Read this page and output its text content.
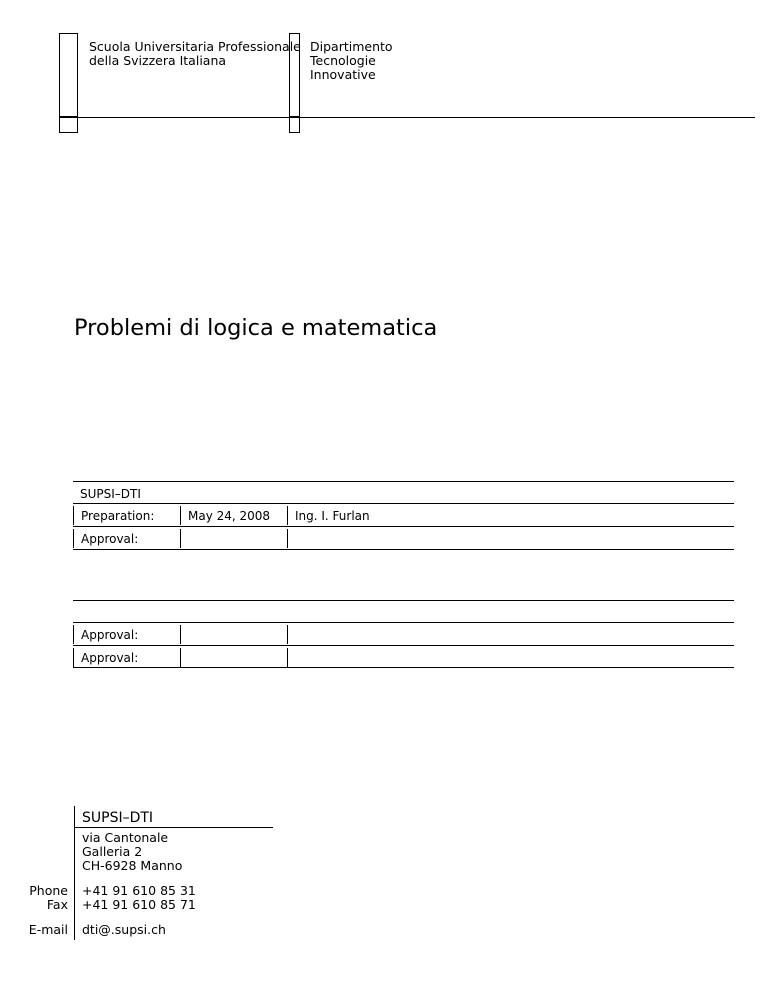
Scuola Universitaria Professionale
della Svizzera Italiana
Dipartimento
Tecnologie
Innovative
Problemi di logica e matematica
SUPSI–DTI
Preparation:	May 24, 2008 Ing. I. Furlan
Approval:
Approval:
Approval:
SUPSI–DTI
via Cantonale
Galleria 2
CH-6928 Manno
Phone +41 91 610 85 31
Fax +41 91 610 85 71
E-mail dti@.supsi.ch
